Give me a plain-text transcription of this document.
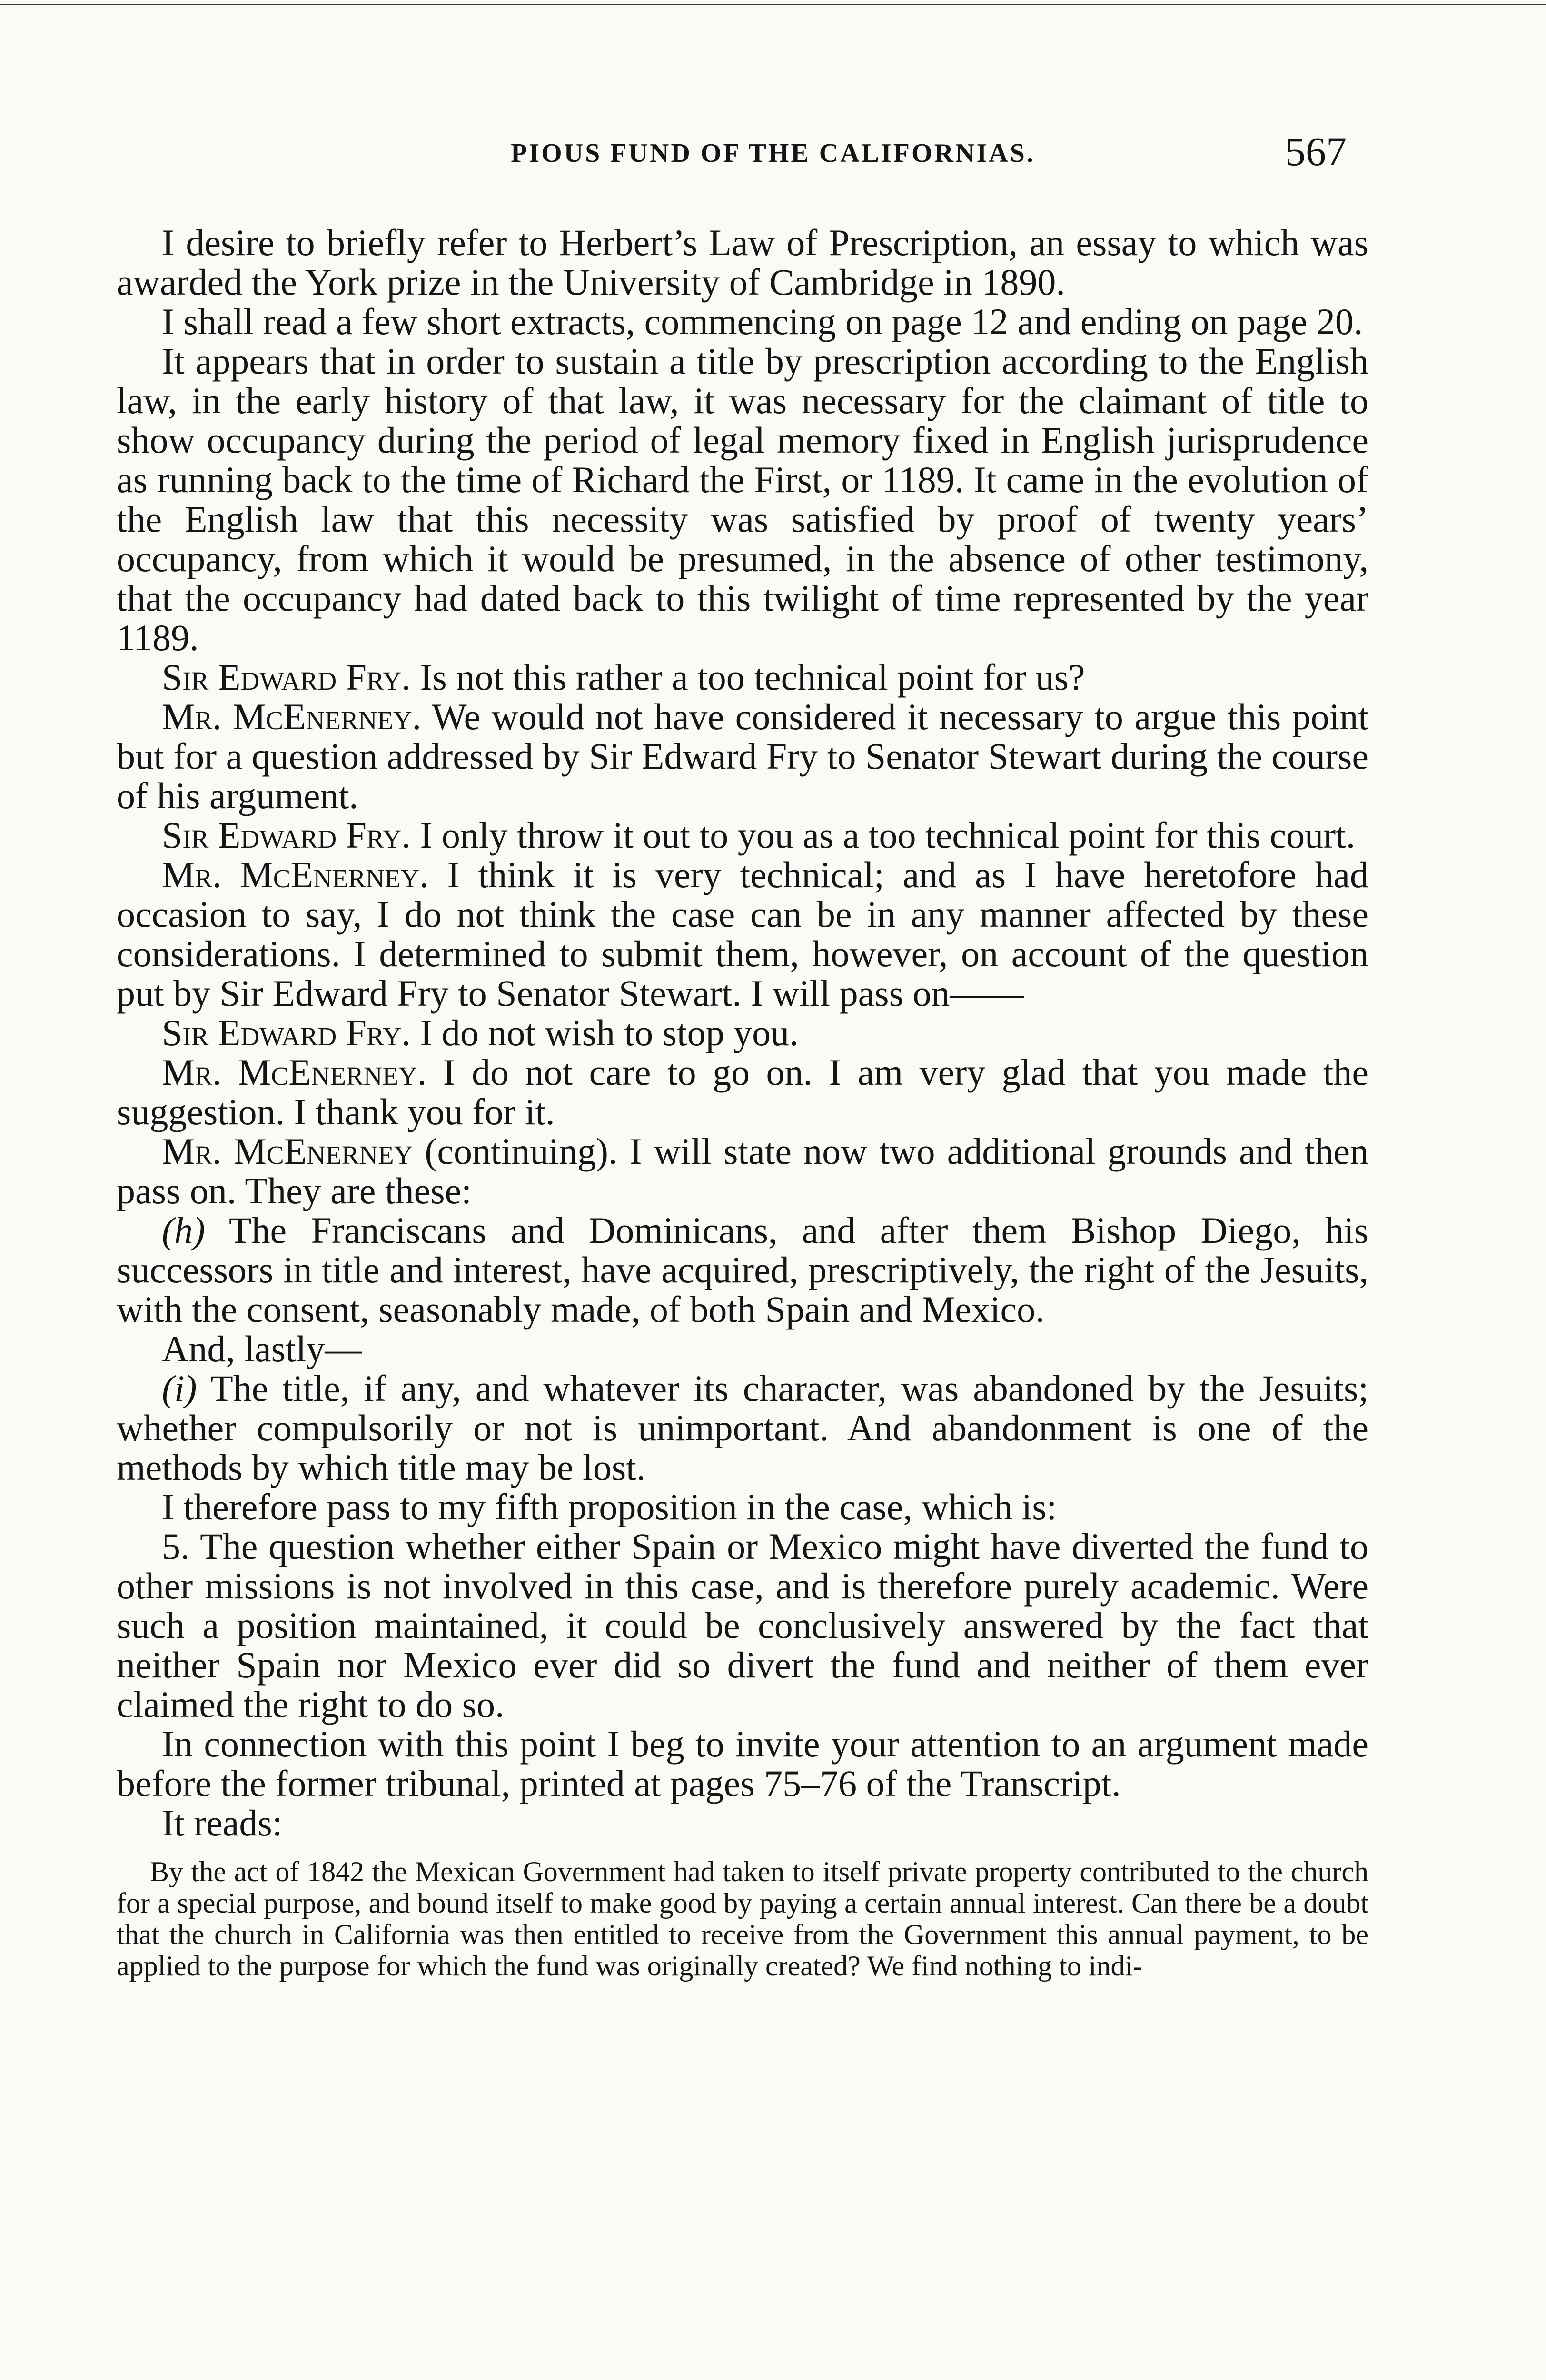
PIOUS FUND OF THE CALIFORNIAS.	567

I desire to briefly refer to Herbert’s Law of Prescription, an essay to which was awarded the York prize in the University of Cambridge in 1890.

I shall read a few short extracts, commencing on page 12 and ending on page 20.

It appears that in order to sustain a title by prescription according to the English law, in the early history of that law, it was necessary for the claimant of title to show occupancy during the period of legal memory fixed in English jurisprudence as running back to the time of Richard the First, or 1189. It came in the evolution of the English law that this necessity was satisfied by proof of twenty years’ occupancy, from which it would be presumed, in the absence of other testimony, that the occupancy had dated back to this twilight of time represented by the year 1189.

Sir Edward Fry. Is not this rather a too technical point for us?

Mr. McEnerney. We would not have considered it necessary to argue this point but for a question addressed by Sir Edward Fry to Senator Stewart during the course of his argument.

Sir Edward Fry. I only throw it out to you as a too technical point for this court.

Mr. McEnerney. I think it is very technical; and as I have heretofore had occasion to say, I do not think the case can be in any manner affected by these considerations. I determined to submit them, however, on account of the question put by Sir Edward Fry to Senator Stewart. I will pass on——

Sir Edward Fry. I do not wish to stop you.

Mr. McEnerney. I do not care to go on. I am very glad that you made the suggestion. I thank you for it.

Mr. McEnerney (continuing). I will state now two additional grounds and then pass on. They are these:

(h) The Franciscans and Dominicans, and after them Bishop Diego, his successors in title and interest, have acquired, prescriptively, the right of the Jesuits, with the consent, seasonably made, of both Spain and Mexico.

And, lastly—

(i) The title, if any, and whatever its character, was abandoned by the Jesuits; whether compulsorily or not is unimportant. And abandonment is one of the methods by which title may be lost.

I therefore pass to my fifth proposition in the case, which is:

5. The question whether either Spain or Mexico might have diverted the fund to other missions is not involved in this case, and is therefore purely academic. Were such a position maintained, it could be conclusively answered by the fact that neither Spain nor Mexico ever did so divert the fund and neither of them ever claimed the right to do so.

In connection with this point I beg to invite your attention to an argument made before the former tribunal, printed at pages 75–76 of the Transcript.

It reads:

By the act of 1842 the Mexican Government had taken to itself private property contributed to the church for a special purpose, and bound itself to make good by paying a certain annual interest. Can there be a doubt that the church in California was then entitled to receive from the Government this annual payment, to be applied to the purpose for which the fund was originally created? We find nothing to indi-
